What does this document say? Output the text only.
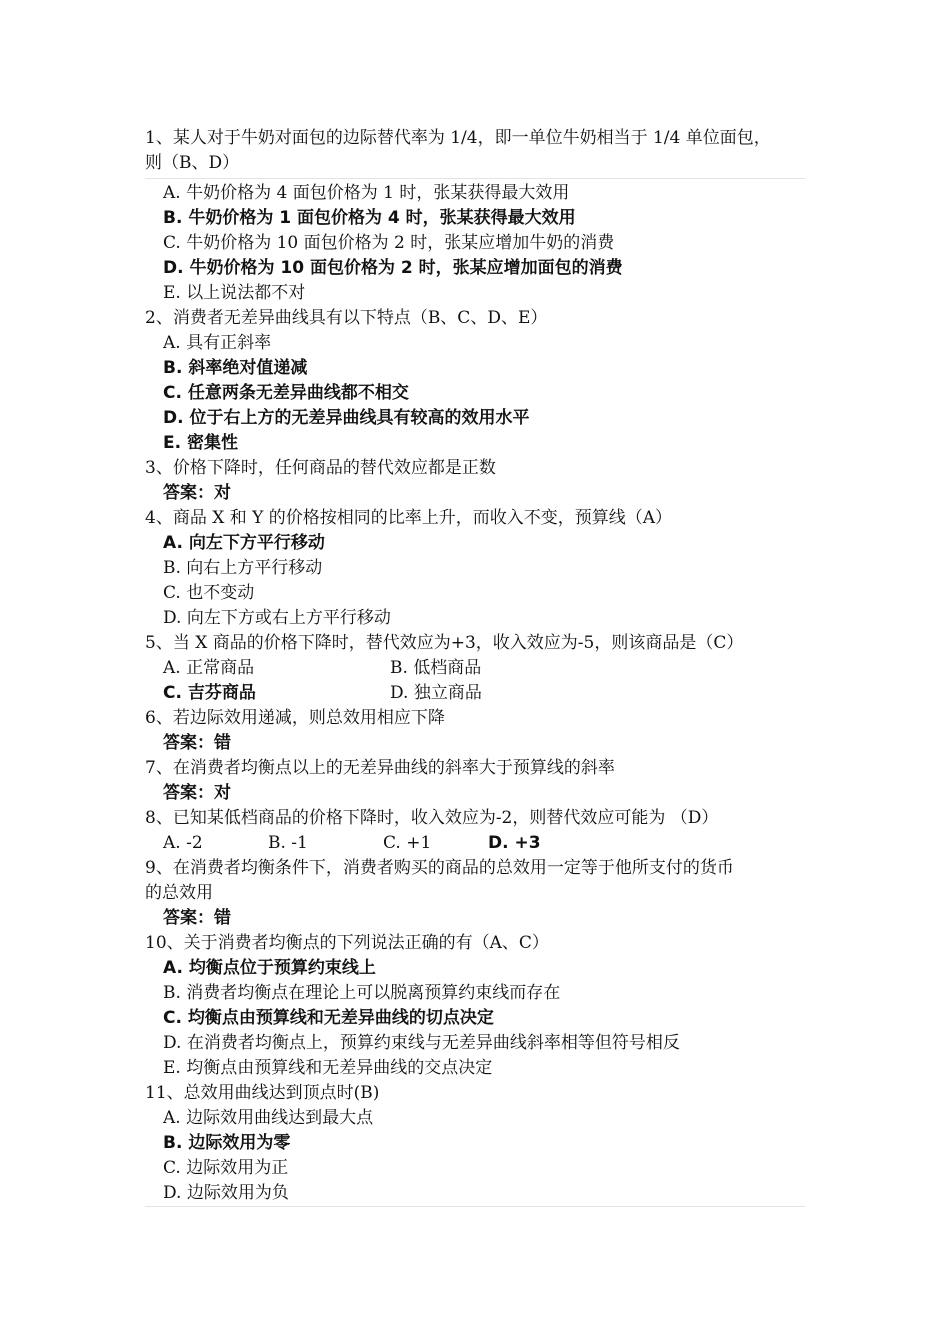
1、某人对于牛奶对面包的边际替代率为 1/4，即一单位牛奶相当于 1/4 单位面包，
则（B、D）
A. 牛奶价格为 4 面包价格为 1 时，张某获得最大效用
B. 牛奶价格为 1 面包价格为 4 时，张某获得最大效用
C. 牛奶价格为 10 面包价格为 2 时，张某应增加牛奶的消费
D. 牛奶价格为 10 面包价格为 2 时，张某应增加面包的消费
E. 以上说法都不对
2、消费者无差异曲线具有以下特点（B、C、D、E）
A. 具有正斜率
B. 斜率绝对值递减
C. 任意两条无差异曲线都不相交
D. 位于右上方的无差异曲线具有较高的效用水平
E. 密集性
3、价格下降时，任何商品的替代效应都是正数
答案：对
4、商品 X 和 Y 的价格按相同的比率上升，而收入不变，预算线（A）
A. 向左下方平行移动
B. 向右上方平行移动
C. 也不变动
D. 向左下方或右上方平行移动
5、当 X 商品的价格下降时，替代效应为+3，收入效应为-5，则该商品是（C）
A. 正常商品	B. 低档商品
C. 吉芬商品	D. 独立商品
6、若边际效用递减，则总效用相应下降
答案：错
7、在消费者均衡点以上的无差异曲线的斜率大于预算线的斜率
答案：对
8、已知某低档商品的价格下降时，收入效应为-2，则替代效应可能为 （D）
A. -2	B. -1	C. +1	D. +3
9、在消费者均衡条件下，消费者购买的商品的总效用一定等于他所支付的货币
的总效用
答案：错
10、关于消费者均衡点的下列说法正确的有（A、C）
A. 均衡点位于预算约束线上
B. 消费者均衡点在理论上可以脱离预算约束线而存在
C. 均衡点由预算线和无差异曲线的切点决定
D. 在消费者均衡点上，预算约束线与无差异曲线斜率相等但符号相反
E. 均衡点由预算线和无差异曲线的交点决定
11、总效用曲线达到顶点时(B)
A. 边际效用曲线达到最大点
B. 边际效用为零
C. 边际效用为正
D. 边际效用为负
